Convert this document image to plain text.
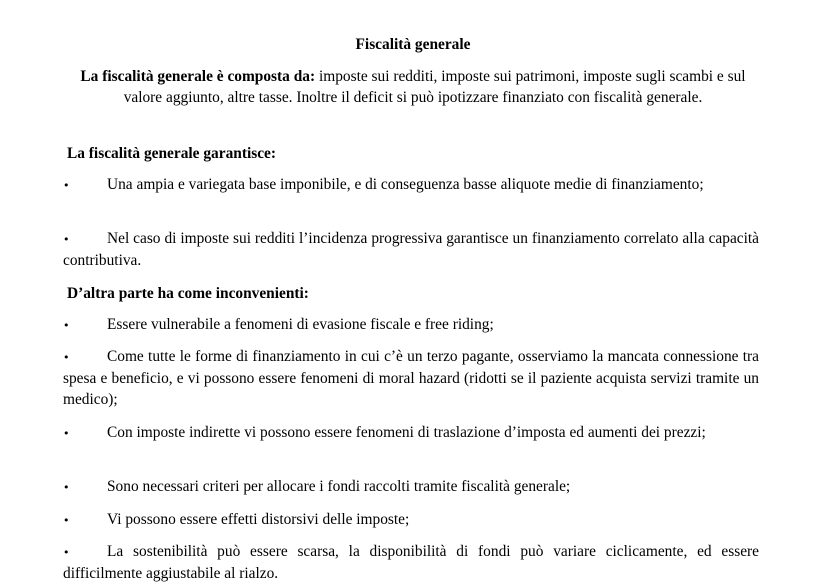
Fiscalità generale
La fiscalità generale è composta da: imposte sui redditi, imposte sui patrimoni, imposte sugli scambi e sul valore aggiunto, altre tasse. Inoltre il deficit si può ipotizzare finanziato con fiscalità generale.
La fiscalità generale garantisce:
• Una ampia e variegata base imponibile, e di conseguenza basse aliquote medie di finanziamento;
• Nel caso di imposte sui redditi l’incidenza progressiva garantisce un finanziamento correlato alla capacità contributiva.
D’altra parte ha come inconvenienti:
• Essere vulnerabile a fenomeni di evasione fiscale e free riding;
• Come tutte le forme di finanziamento in cui c’è un terzo pagante, osserviamo la mancata connessione tra spesa e beneficio, e vi possono essere fenomeni di moral hazard (ridotti se il paziente acquista servizi tramite un medico);
• Con imposte indirette vi possono essere fenomeni di traslazione d’imposta ed aumenti dei prezzi;
• Sono necessari criteri per allocare i fondi raccolti tramite fiscalità generale;
• Vi possono essere effetti distorsivi delle imposte;
• La sostenibilità può essere scarsa, la disponibilità di fondi può variare ciclicamente, ed essere difficilmente aggiustabile al rialzo.
